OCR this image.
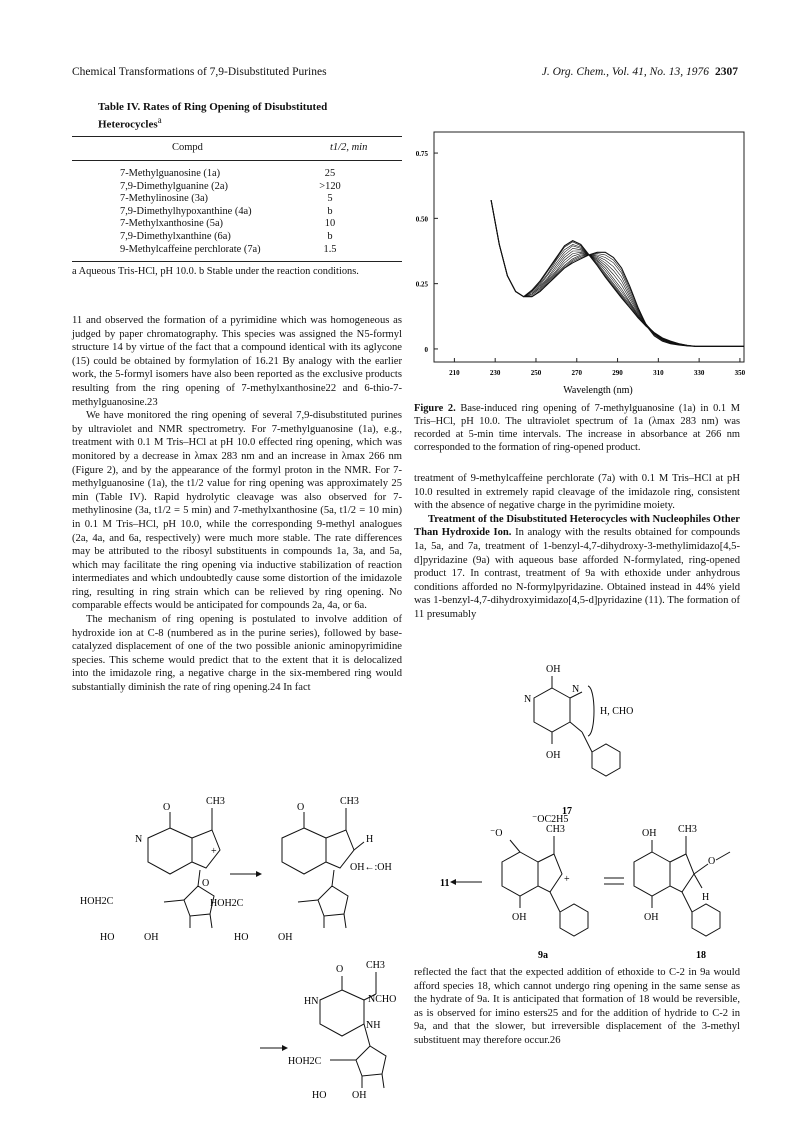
Chemical Transformations of 7,9-Disubstituted Purines	J. Org. Chem., Vol. 41, No. 13, 1976 2307
Table IV. Rates of Ring Opening of Disubstituted Heterocycles$^a$
Compd	t1/2, min
7-Methylguanosine (1a)	25
7,9-Dimethylguanine (2a)	>120
7-Methylinosine (3a)	5
7,9-Dimethylhypoxanthine (4a)	b
7-Methylxanthosine (5a)	10
7,9-Dimethylxanthine (6a)	b
9-Methylcaffeine perchlorate (7a)	1.5
a Aqueous Tris-HCl, pH 10.0. b Stable under the reaction conditions.

11 and observed the formation of a pyrimidine which was homogeneous as judged by paper chromatography. This species was assigned the N5-formyl structure 14 by virtue of the fact that a compound identical with its aglycone (15) could be obtained by formylation of 16.21 By analogy with the earlier work, the 5-formyl isomers have also been reported as the exclusive products resulting from the ring opening of 7-methylxanthosine22 and 6-thio-7-methylguanosine.23

We have monitored the ring opening of several 7,9-disubstituted purines by ultraviolet and NMR spectrometry. For 7-methylguanosine (1a), e.g., treatment with 0.1 M Tris–HCl at pH 10.0 effected ring opening, which was monitored by a decrease in λmax 283 nm and an increase in λmax 266 nm (Figure 2), and by the appearance of the formyl proton in the NMR. For 7-methylguanosine (1a), the t1/2 value for ring opening was approximately 25 min (Table IV). Rapid hydrolytic cleavage was also observed for 7-methylinosine (3a, t1/2 = 5 min) and 7-methylxanthosine (5a, t1/2 = 10 min) in 0.1 M Tris–HCl, pH 10.0, while the corresponding 9-methyl analogues (2a, 4a, and 6a, respectively) were much more stable. The rate differences may be attributed to the ribosyl substituents in compounds 1a, 3a, and 5a, which may facilitate the ring opening via inductive stabilization of reaction intermediates and which undoubtedly cause some distortion of the imidazole ring, resulting in ring strain which can be relieved by ring opening. No comparable effects would be anticipated for compounds 2a, 4a, or 6a.

The mechanism of ring opening is postulated to involve addition of hydroxide ion at C-8 (numbered as in the purine series), followed by base-catalyzed displacement of one of the two possible anionic aminopyrimidine species. This scheme would predict that to the extent that it is delocalized into the imidazole ring, a negative charge in the six-membered ring would substantially diminish the rate of ring opening.24 In fact

210	230	250	270	290	310	330	350
0
0.25
0.50
0.75
Wavelength (nm)
Figure 2. Base-induced ring opening of 7-methylguanosine (1a) in 0.1 M Tris–HCl, pH 10.0. The ultraviolet spectrum of 1a (λmax 283 nm) was recorded at 5-min time intervals. The increase in absorbance at 266 nm corresponded to the formation of ring-opened product.

treatment of 9-methylcaffeine perchlorate (7a) with 0.1 M Tris–HCl at pH 10.0 resulted in extremely rapid cleavage of the imidazole ring, consistent with the absence of negative charge in the pyrimidine moiety.

Treatment of the Disubstituted Heterocycles with Nucleophiles Other Than Hydroxide Ion. In analogy with the results obtained for compounds 1a, 5a, and 7a, treatment of 1-benzyl-4,7-dihydroxy-3-methylimidazo[4,5-d]pyridazine (9a) with aqueous base afforded N-formylated, ring-opened product 17. In contrast, treatment of 9a with ethoxide under anhydrous conditions afforded no N-formylpyridazine. Obtained instead in 44% yield was 1-benzyl-4,7-dihydroxyimidazo[4,5-d]pyridazine (11). The formation of 11 presumably

reflected the fact that the expected addition of ethoxide to C-2 in 9a would afford species 18, which cannot undergo ring opening in the same sense as the hydrate of 9a. It is anticipated that formation of 18 would be reversible, as is observed for imino esters25 and for the addition of hydride to C-2 in 9a, and that the slower, but irreversible displacement of the 3-methyl substituent may therefore occur.26

O
CH3
N
+
HOH2C
O
HO	OH
O
CH3
H
OH←:OH
HOH2C
HO	OH
O CH3
HN	NCHO
NH
HOH2C
HO	OH
OH
OH
H, CHO
N
N
17
11
⁻OC2H5
⁻O	CH3
+
OH
9a
OH CH3
O
H
OH
18
